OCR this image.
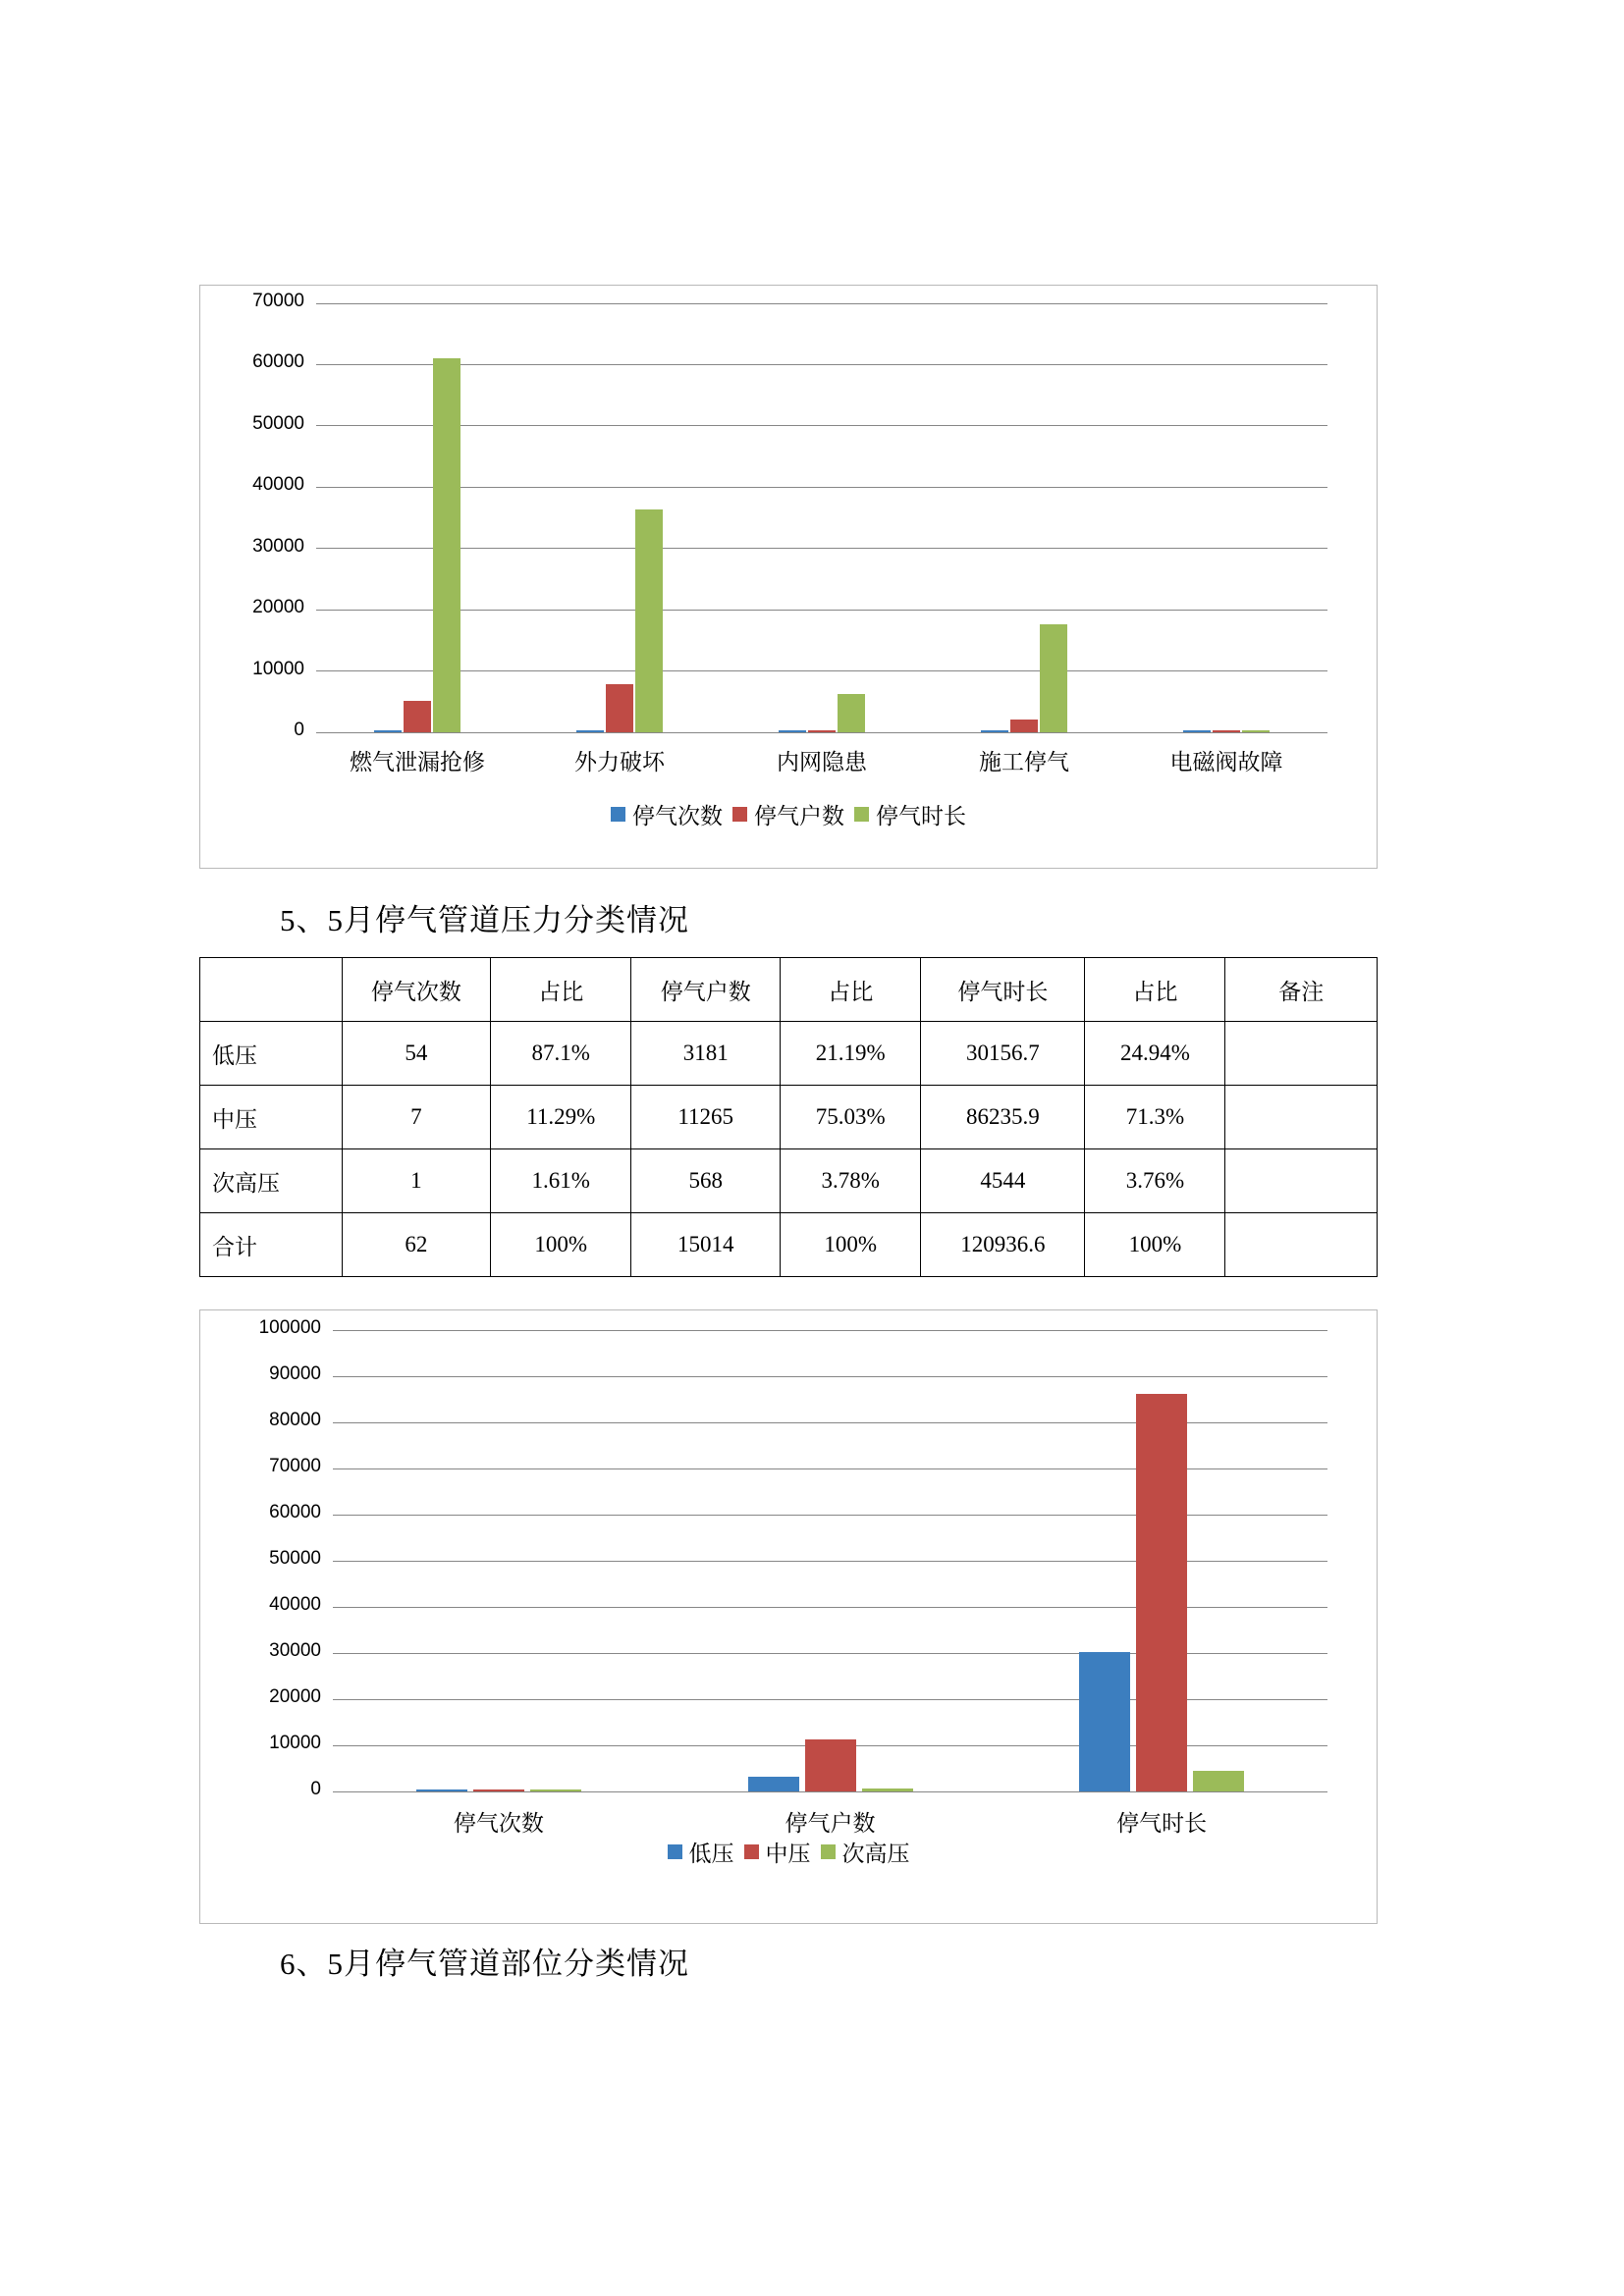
0
10000
20000
30000
40000
50000
60000
70000
燃气泄漏抢修	外力破坏	内网隐患	施工停气	电磁阀故障
停气次数 停气户数 停气时长
5、5月停气管道压力分类情况
	停气次数	占比	停气户数	占比	停气时长	占比	备注
低压	54	87.1%	3181	21.19%	30156.7	24.94%	
中压	7	11.29%	11265	75.03%	86235.9	71.3%	
次高压	1	1.61%	568	3.78%	4544	3.76%	
合计	62	100%	15014	100%	120936.6	100%	
0
10000
20000
30000
40000
50000
60000
70000
80000
90000
100000
停气次数	停气户数	停气时长
低压 中压 次高压
6、5月停气管道部位分类情况
